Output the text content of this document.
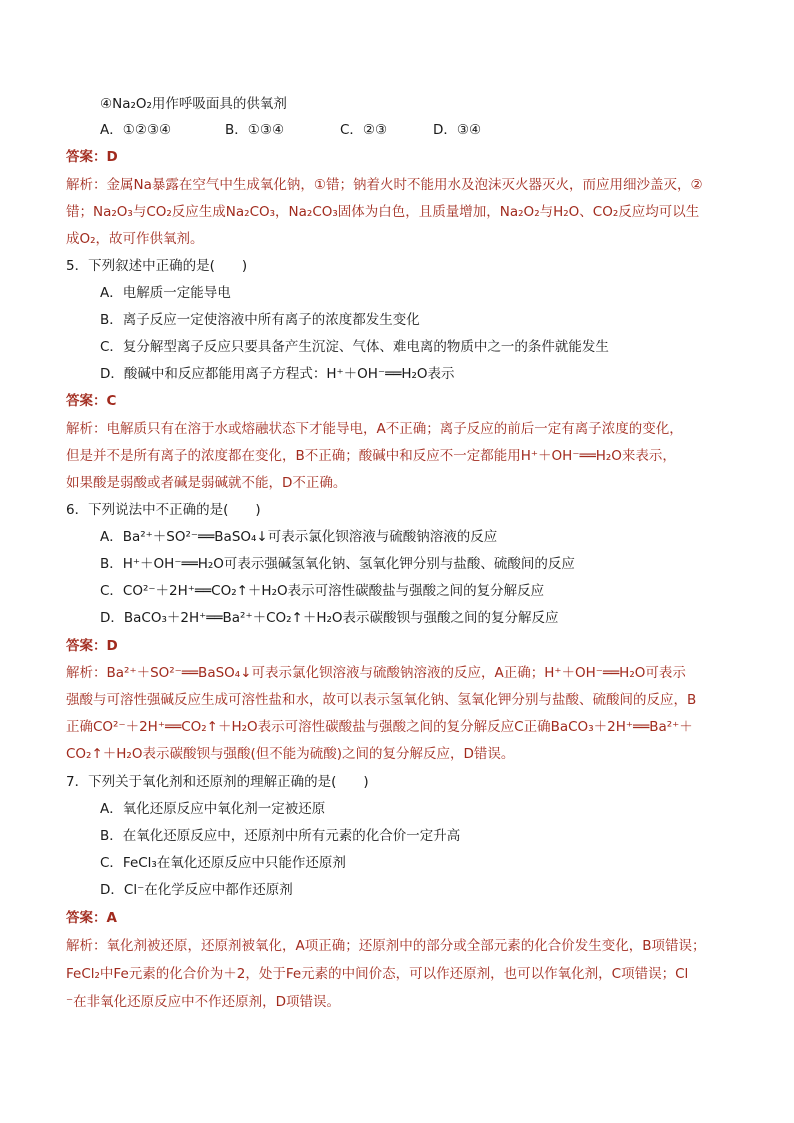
④Na₂O₂用作呼吸面具的供氧剂
A．①②③④	B．①③④	C．②③	D．③④
答案：D
解析：金属Na暴露在空气中生成氧化钠，①错；钠着火时不能用水及泡沫灭火器灭火，而应用细沙盖灭，②
错；Na₂O₃与CO₂反应生成Na₂CO₃，Na₂CO₃固体为白色，且质量增加，Na₂O₂与H₂O、CO₂反应均可以生
成O₂，故可作供氧剂。
5．下列叙述中正确的是(　　)
A．电解质一定能导电
B．离子反应一定使溶液中所有离子的浓度都发生变化
C．复分解型离子反应只要具备产生沉淀、气体、难电离的物质中之一的条件就能发生
D．酸碱中和反应都能用离子方程式：H⁺＋OH⁻══H₂O表示
答案：C
解析：电解质只有在溶于水或熔融状态下才能导电，A不正确；离子反应的前后一定有离子浓度的变化，
但是并不是所有离子的浓度都在变化，B不正确；酸碱中和反应不一定都能用H⁺＋OH⁻══H₂O来表示，
如果酸是弱酸或者碱是弱碱就不能，D不正确。
6．下列说法中不正确的是(　　)
A．Ba²⁺＋SO²⁻══BaSO₄↓可表示氯化钡溶液与硫酸钠溶液的反应
B．H⁺＋OH⁻══H₂O可表示强碱氢氧化钠、氢氧化钾分别与盐酸、硫酸间的反应
C．CO²⁻＋2H⁺══CO₂↑＋H₂O表示可溶性碳酸盐与强酸之间的复分解反应
D．BaCO₃＋2H⁺══Ba²⁺＋CO₂↑＋H₂O表示碳酸钡与强酸之间的复分解反应
答案：D
解析：Ba²⁺＋SO²⁻══BaSO₄↓可表示氯化钡溶液与硫酸钠溶液的反应，A正确；H⁺＋OH⁻══H₂O可表示
强酸与可溶性强碱反应生成可溶性盐和水，故可以表示氢氧化钠、氢氧化钾分别与盐酸、硫酸间的反应，B
正确CO²⁻＋2H⁺══CO₂↑＋H₂O表示可溶性碳酸盐与强酸之间的复分解反应C正确BaCO₃＋2H⁺══Ba²⁺＋
CO₂↑＋H₂O表示碳酸钡与强酸(但不能为硫酸)之间的复分解反应，D错误。
7．下列关于氧化剂和还原剂的理解正确的是(　　)
A．氧化还原反应中氧化剂一定被还原
B．在氧化还原反应中，还原剂中所有元素的化合价一定升高
C．FeCl₃在氧化还原反应中只能作还原剂
D．Cl⁻在化学反应中都作还原剂
答案：A
解析：氧化剂被还原，还原剂被氧化，A项正确；还原剂中的部分或全部元素的化合价发生变化，B项错误；
FeCl₂中Fe元素的化合价为＋2，处于Fe元素的中间价态，可以作还原剂，也可以作氧化剂，C项错误；Cl
⁻在非氧化还原反应中不作还原剂，D项错误。
